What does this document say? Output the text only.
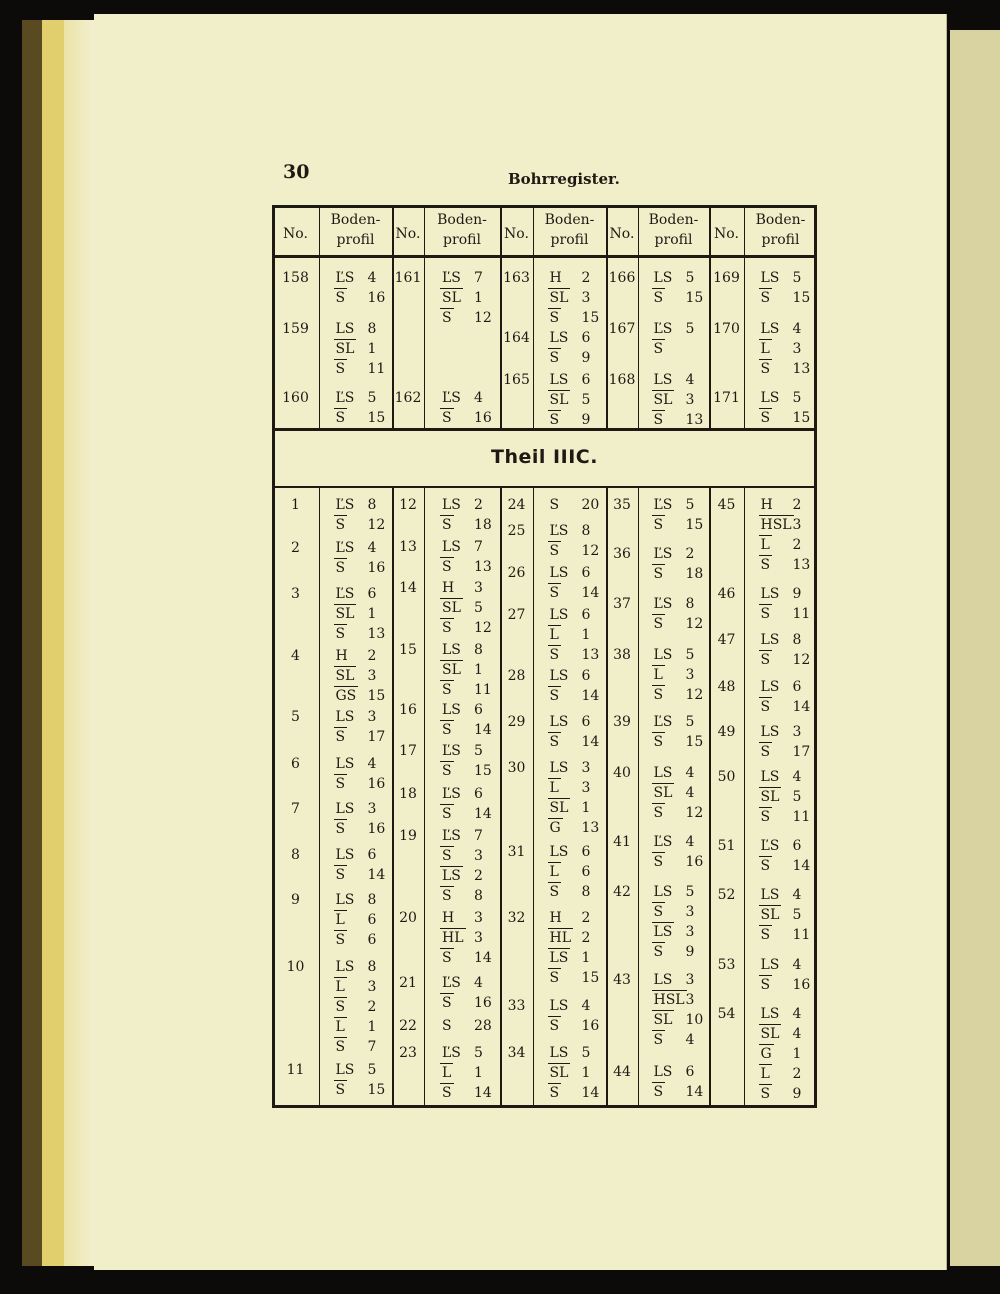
30	Bohrregister.
Theil IIIC.
No.
Boden-
profil	No.
Boden-
profil	No.
Boden-
profil	No.
Boden-
profil	No.
Boden-
profil
158	ĽS 4
S 16
159	LS 8
SL 1
S 11
160	ĽS 5
S 15
161 ĽS 7
SL 1
S 12
162 ĽS 4
S 16
163 H 2
SL 3
S 15
164 LS 6
S 9
165 LS 6
SL 5
S 9
166 LS 5
S 15
167 ĽS 5
S
168 LS 4
SL 3
S 13
169 LS 5
S 15
170 LS 4
L 3
S 13
171 LS 5
S 15
1	ĽS 8
S 12
2	ĽS 4
S 16
3	ĽS 6
SL 1
S 13
4	H 2
SL 3
GS 15
5	LS 3
S 17
6	LS 4
S 16
7	LS 3
S 16
8	LS 6
S 14
9	LS 8
L 6
S 6
10	LS 8
L 3
S 2
L 1
S 7
11	LS 5
S 15
12	LS 2
S 18
13	LS 7
S 13
14	H 3
SL 5
S 12
15	LS 8
SL 1
S 11
16	LS 6
S 14
17	ĽS 5
S 15
18	ĽS 6
S 14
19	ĽS 7
S 3
LS 2
S 8
20	H 3
HL 3
S 14
21	ĽS 4
S 16
22	S 28
23	ĽS 5
L 1
S 14
24	S 20
25	ĽS 8
S 12
26	LS 6
S 14
27	LS 6
L 1
S 13
28	LS 6
S 14
29	LS 6
S 14
30	LS 3
L 3
SL 1
G 13
31	LS 6
L 6
S 8
32	H 2
HL 2
LS 1
S 15
33	LS 4
S 16
34	LS 5
SL 1
S 14
35	ĽS 5
S 15
36	ĽS 2
S 18
37	ĽS 8
S 12
38	LS 5
L 3
S 12
39	ĽS 5
S 15
40	LS 4
SL 4
S 12
41	ĽS 4
S 16
42	LS 5
S 3
LS 3
S 9
43	LS 3
HSL 3
SL 10
S 4
44	LS 6
S 14
45	H 2
HSL 3
L 2
S 13
46	LS 9
S 11
47	LS 8
S 12
48	LS 6
S 14
49	LS 3
S 17
50	LS 4
SL 5
S 11
51	ĽS 6
S 14
52	LS 4
SL 5
S 11
53	LS 4
S 16
54	LS 4
SL 4
G 1
L 2
S 9
